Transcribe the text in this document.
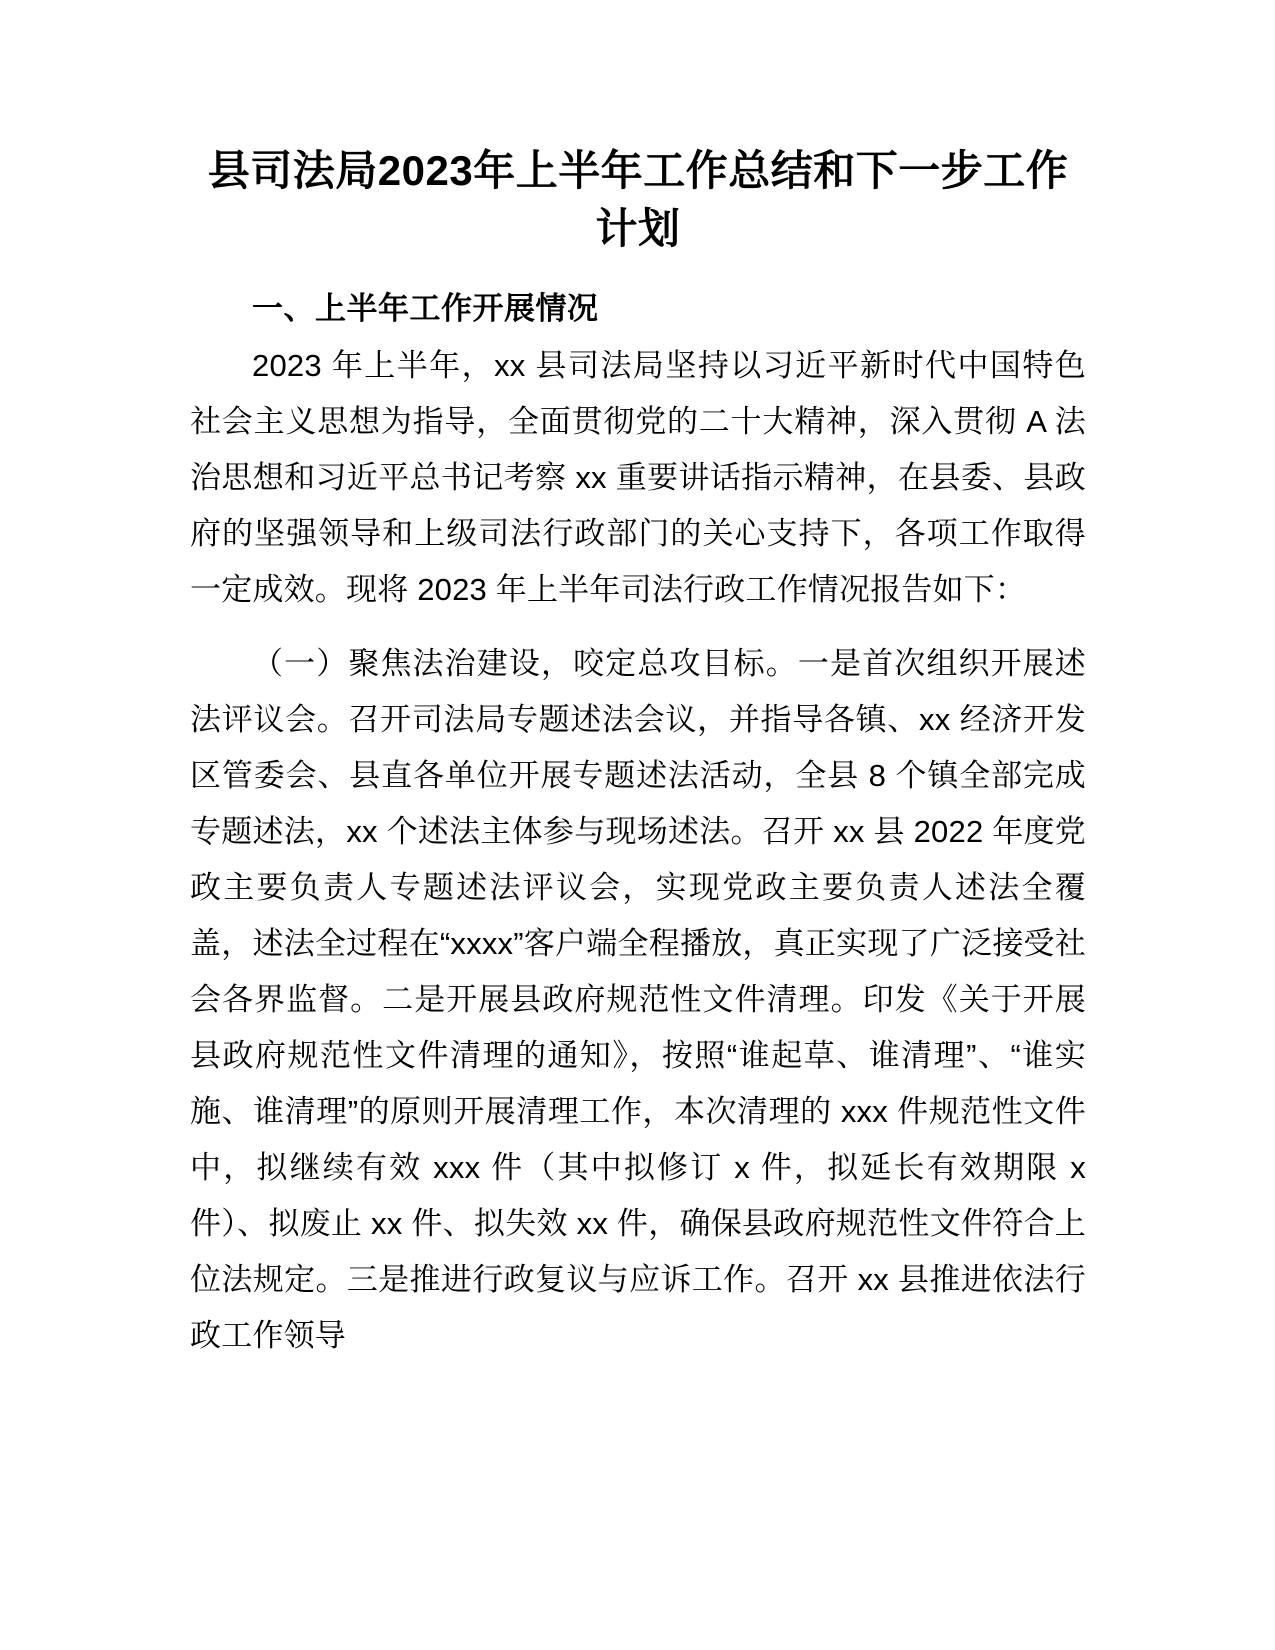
县司法局2023年上半年工作总结和下一步工作计划
一、上半年工作开展情况

2023 年上半年，xx 县司法局坚持以习近平新时代中国特色社会主义思想为指导，全面贯彻党的二十大精神，深入贯彻 A 法治思想和习近平总书记考察 xx 重要讲话指示精神，在县委、县政府的坚强领导和上级司法行政部门的关心支持下，各项工作取得一定成效。现将 2023 年上半年司法行政工作情况报告如下：

（一）聚焦法治建设，咬定总攻目标。一是首次组织开展述法评议会。召开司法局专题述法会议，并指导各镇、xx 经济开发区管委会、县直各单位开展专题述法活动，全县 8 个镇全部完成专题述法，xx 个述法主体参与现场述法。召开 xx 县 2022 年度党政主要负责人专题述法评议会，实现党政主要负责人述法全覆盖，述法全过程在“xxxx”客户端全程播放，真正实现了广泛接受社会各界监督。二是开展县政府规范性文件清理。印发《关于开展县政府规范性文件清理的通知》，按照“谁起草、谁清理”、“谁实施、谁清理”的原则开展清理工作，本次清理的 xxx 件规范性文件中，拟继续有效 xxx 件（其中拟修订 x 件，拟延长有效期限 x 件）、拟废止 xx 件、拟失效 xx 件，确保县政府规范性文件符合上位法规定。三是推进行政复议与应诉工作。召开 xx 县推进依法行政工作领导
